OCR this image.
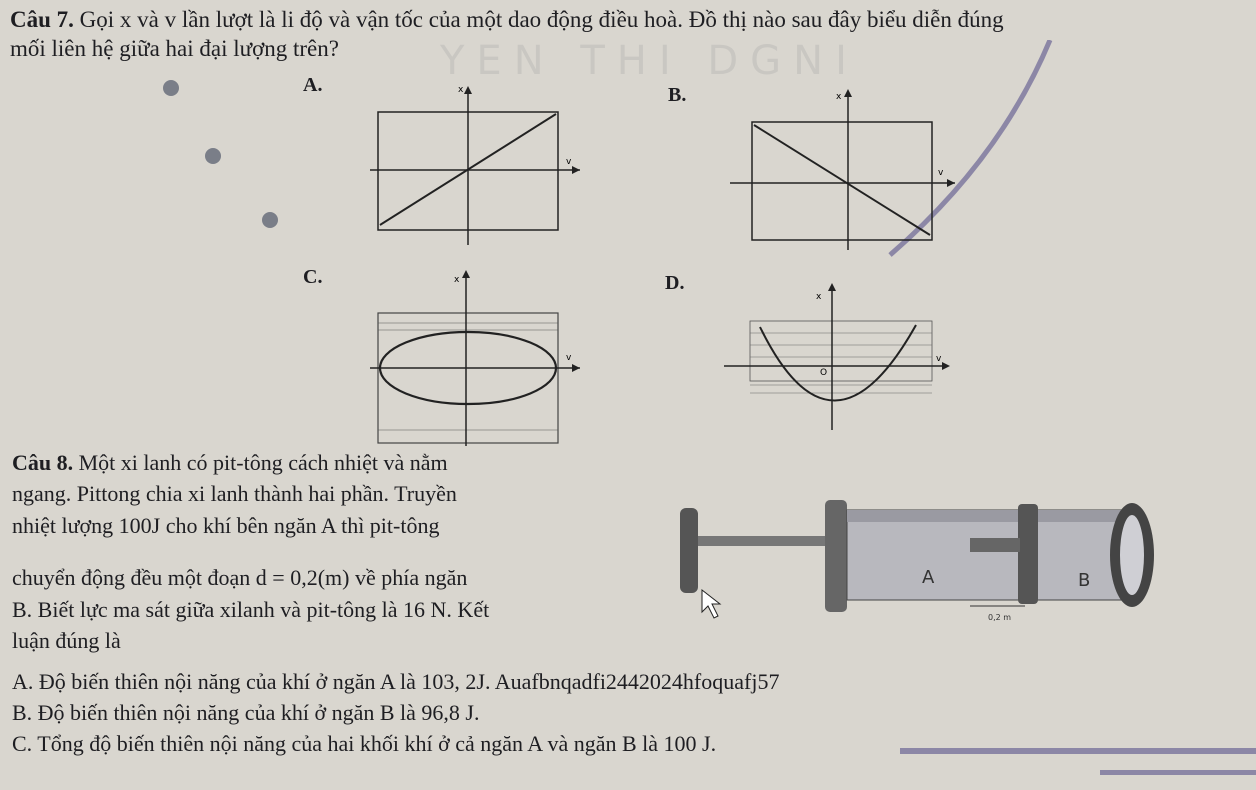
YEN THI DGNI
Câu 7. Gọi x và v lần lượt là li độ và vận tốc của một dao động điều hoà. Đồ thị nào sau đây biểu diễn đúng
mối liên hệ giữa hai đại lượng trên?
A.	x
v
B.	x
v
C.	x
v
D.
x
v
O
Câu 8. Một xi lanh có pit-tông cách nhiệt và nằm
ngang. Pittong chia xi lanh thành hai phần. Truyền
nhiệt lượng 100J cho khí bên ngăn A thì pit-tông
chuyển động đều một đoạn d = 0,2(m) về phía ngăn
B. Biết lực ma sát giữa xilanh và pit-tông là 16 N. Kết
luận đúng là
A	B
0,2 m
A. Độ biến thiên nội năng của khí ở ngăn A là 103, 2J. Auafbnqadfi2442024hfoquafj57
B. Độ biến thiên nội năng của khí ở ngăn B là 96,8 J.
C. Tổng độ biến thiên nội năng của hai khối khí ở cả ngăn A và ngăn B là 100 J.
